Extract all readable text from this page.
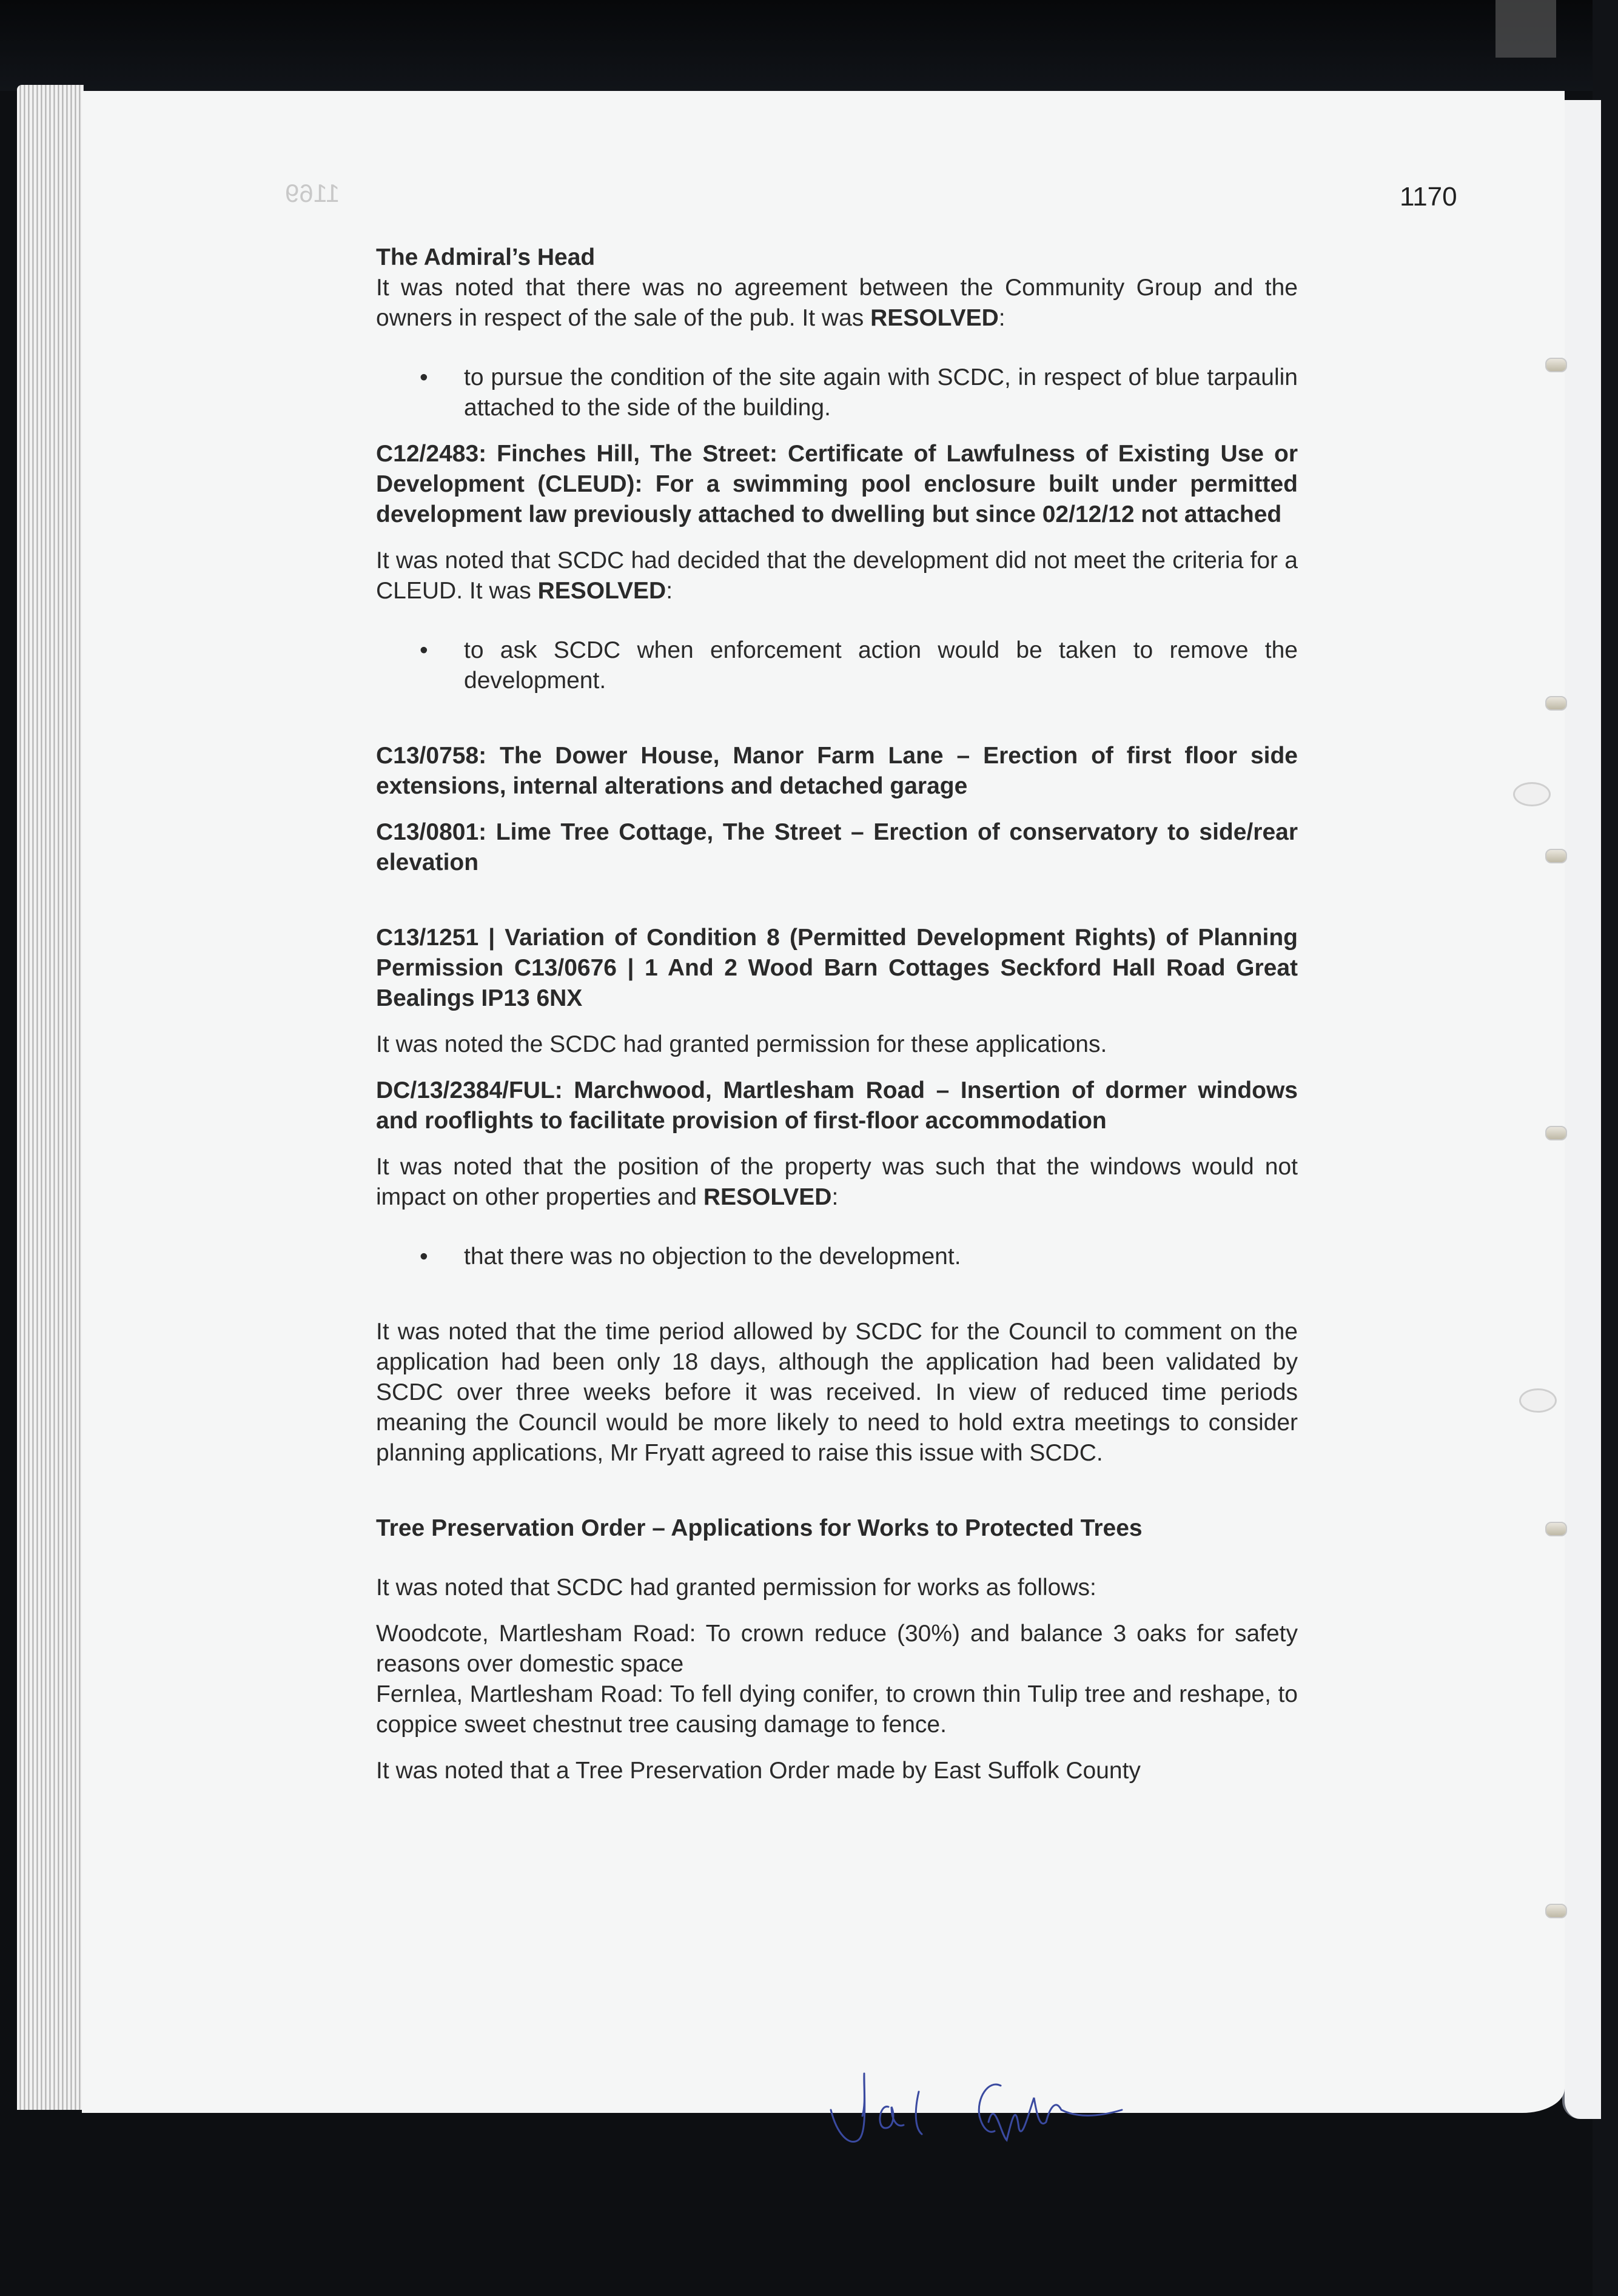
1169	1170

The Admiral’s Head

It was noted that there was no agreement between the Community Group and the owners in respect of the sale of the pub. It was RESOLVED:

• to pursue the condition of the site again with SCDC, in respect of blue tarpaulin attached to the side of the building.

C12/2483: Finches Hill, The Street: Certificate of Lawfulness of Existing Use or Development (CLEUD): For a swimming pool enclosure built under permitted development law previously attached to dwelling but since 02/12/12 not attached

It was noted that SCDC had decided that the development did not meet the criteria for a CLEUD. It was RESOLVED:

• to ask SCDC when enforcement action would be taken to remove the development.

C13/0758: The Dower House, Manor Farm Lane – Erection of first floor side extensions, internal alterations and detached garage

C13/0801: Lime Tree Cottage, The Street – Erection of conservatory to side/rear elevation

C13/1251 | Variation of Condition 8 (Permitted Development Rights) of Planning Permission C13/0676 | 1 And 2 Wood Barn Cottages Seckford Hall Road Great Bealings IP13 6NX

It was noted the SCDC had granted permission for these applications.

DC/13/2384/FUL: Marchwood, Martlesham Road – Insertion of dormer windows and rooflights to facilitate provision of first-floor accommodation

It was noted that the position of the property was such that the windows would not impact on other properties and RESOLVED:

• that there was no objection to the development.

It was noted that the time period allowed by SCDC for the Council to comment on the application had been only 18 days, although the application had been validated by SCDC over three weeks before it was received. In view of reduced time periods meaning the Council would be more likely to need to hold extra meetings to consider planning applications, Mr Fryatt agreed to raise this issue with SCDC.

Tree Preservation Order – Applications for Works to Protected Trees

It was noted that SCDC had granted permission for works as follows:

Woodcote, Martlesham Road: To crown reduce (30%) and balance 3 oaks for safety reasons over domestic space

Fernlea, Martlesham Road: To fell dying conifer, to crown thin Tulip tree and reshape, to coppice sweet chestnut tree causing damage to fence.

It was noted that a Tree Preservation Order made by East Suffolk County
